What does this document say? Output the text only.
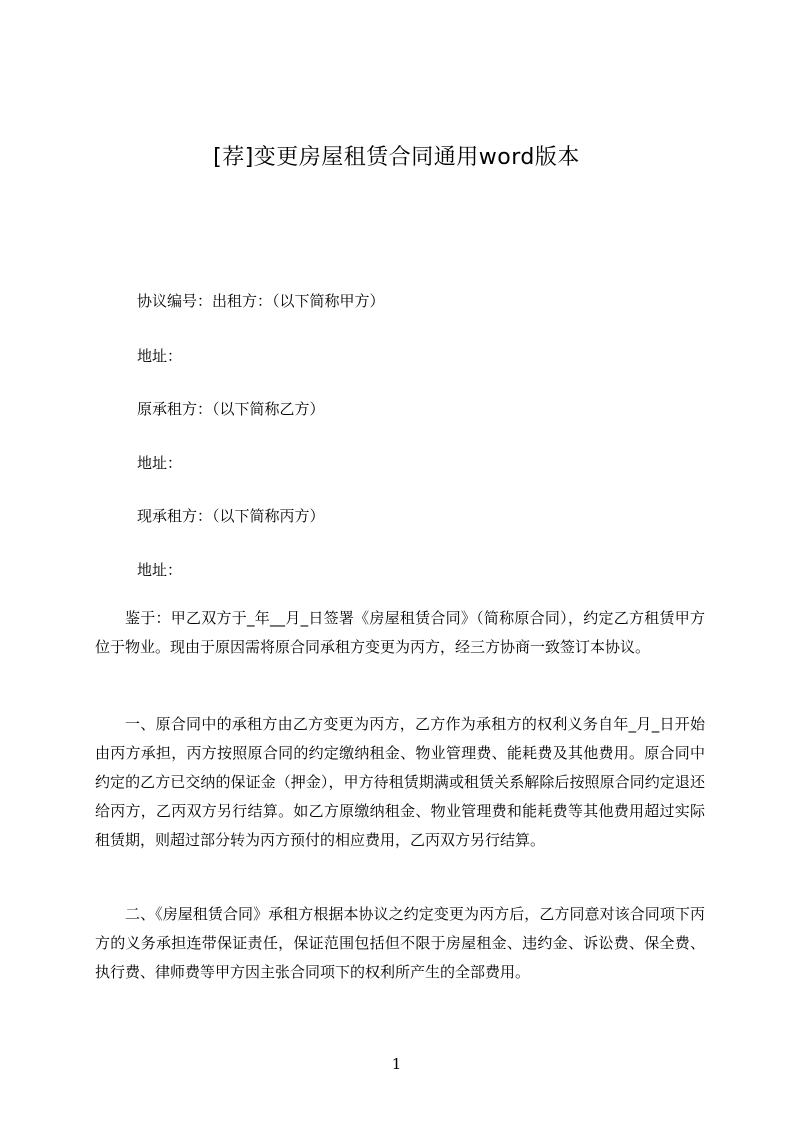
[荐]变更房屋租赁合同通用word版本
协议编号：出租方：（以下简称甲方）
地址：
原承租方：（以下简称乙方）
地址：
现承租方：（以下简称丙方）
地址：
鉴于：甲乙双方于_年__月_日签署《房屋租赁合同》（简称原合同），约定乙方租赁甲方位于物业。现由于原因需将原合同承租方变更为丙方，经三方协商一致签订本协议。
一、原合同中的承租方由乙方变更为丙方，乙方作为承租方的权利义务自年_月_日开始由丙方承担，丙方按照原合同的约定缴纳租金、物业管理费、能耗费及其他费用。原合同中约定的乙方已交纳的保证金（押金），甲方待租赁期满或租赁关系解除后按照原合同约定退还给丙方，乙丙双方另行结算。如乙方原缴纳租金、物业管理费和能耗费等其他费用超过实际租赁期，则超过部分转为丙方预付的相应费用，乙丙双方另行结算。
二、《房屋租赁合同》承租方根据本协议之约定变更为丙方后，乙方同意对该合同项下丙方的义务承担连带保证责任，保证范围包括但不限于房屋租金、违约金、诉讼费、保全费、执行费、律师费等甲方因主张合同项下的权利所产生的全部费用。
1
